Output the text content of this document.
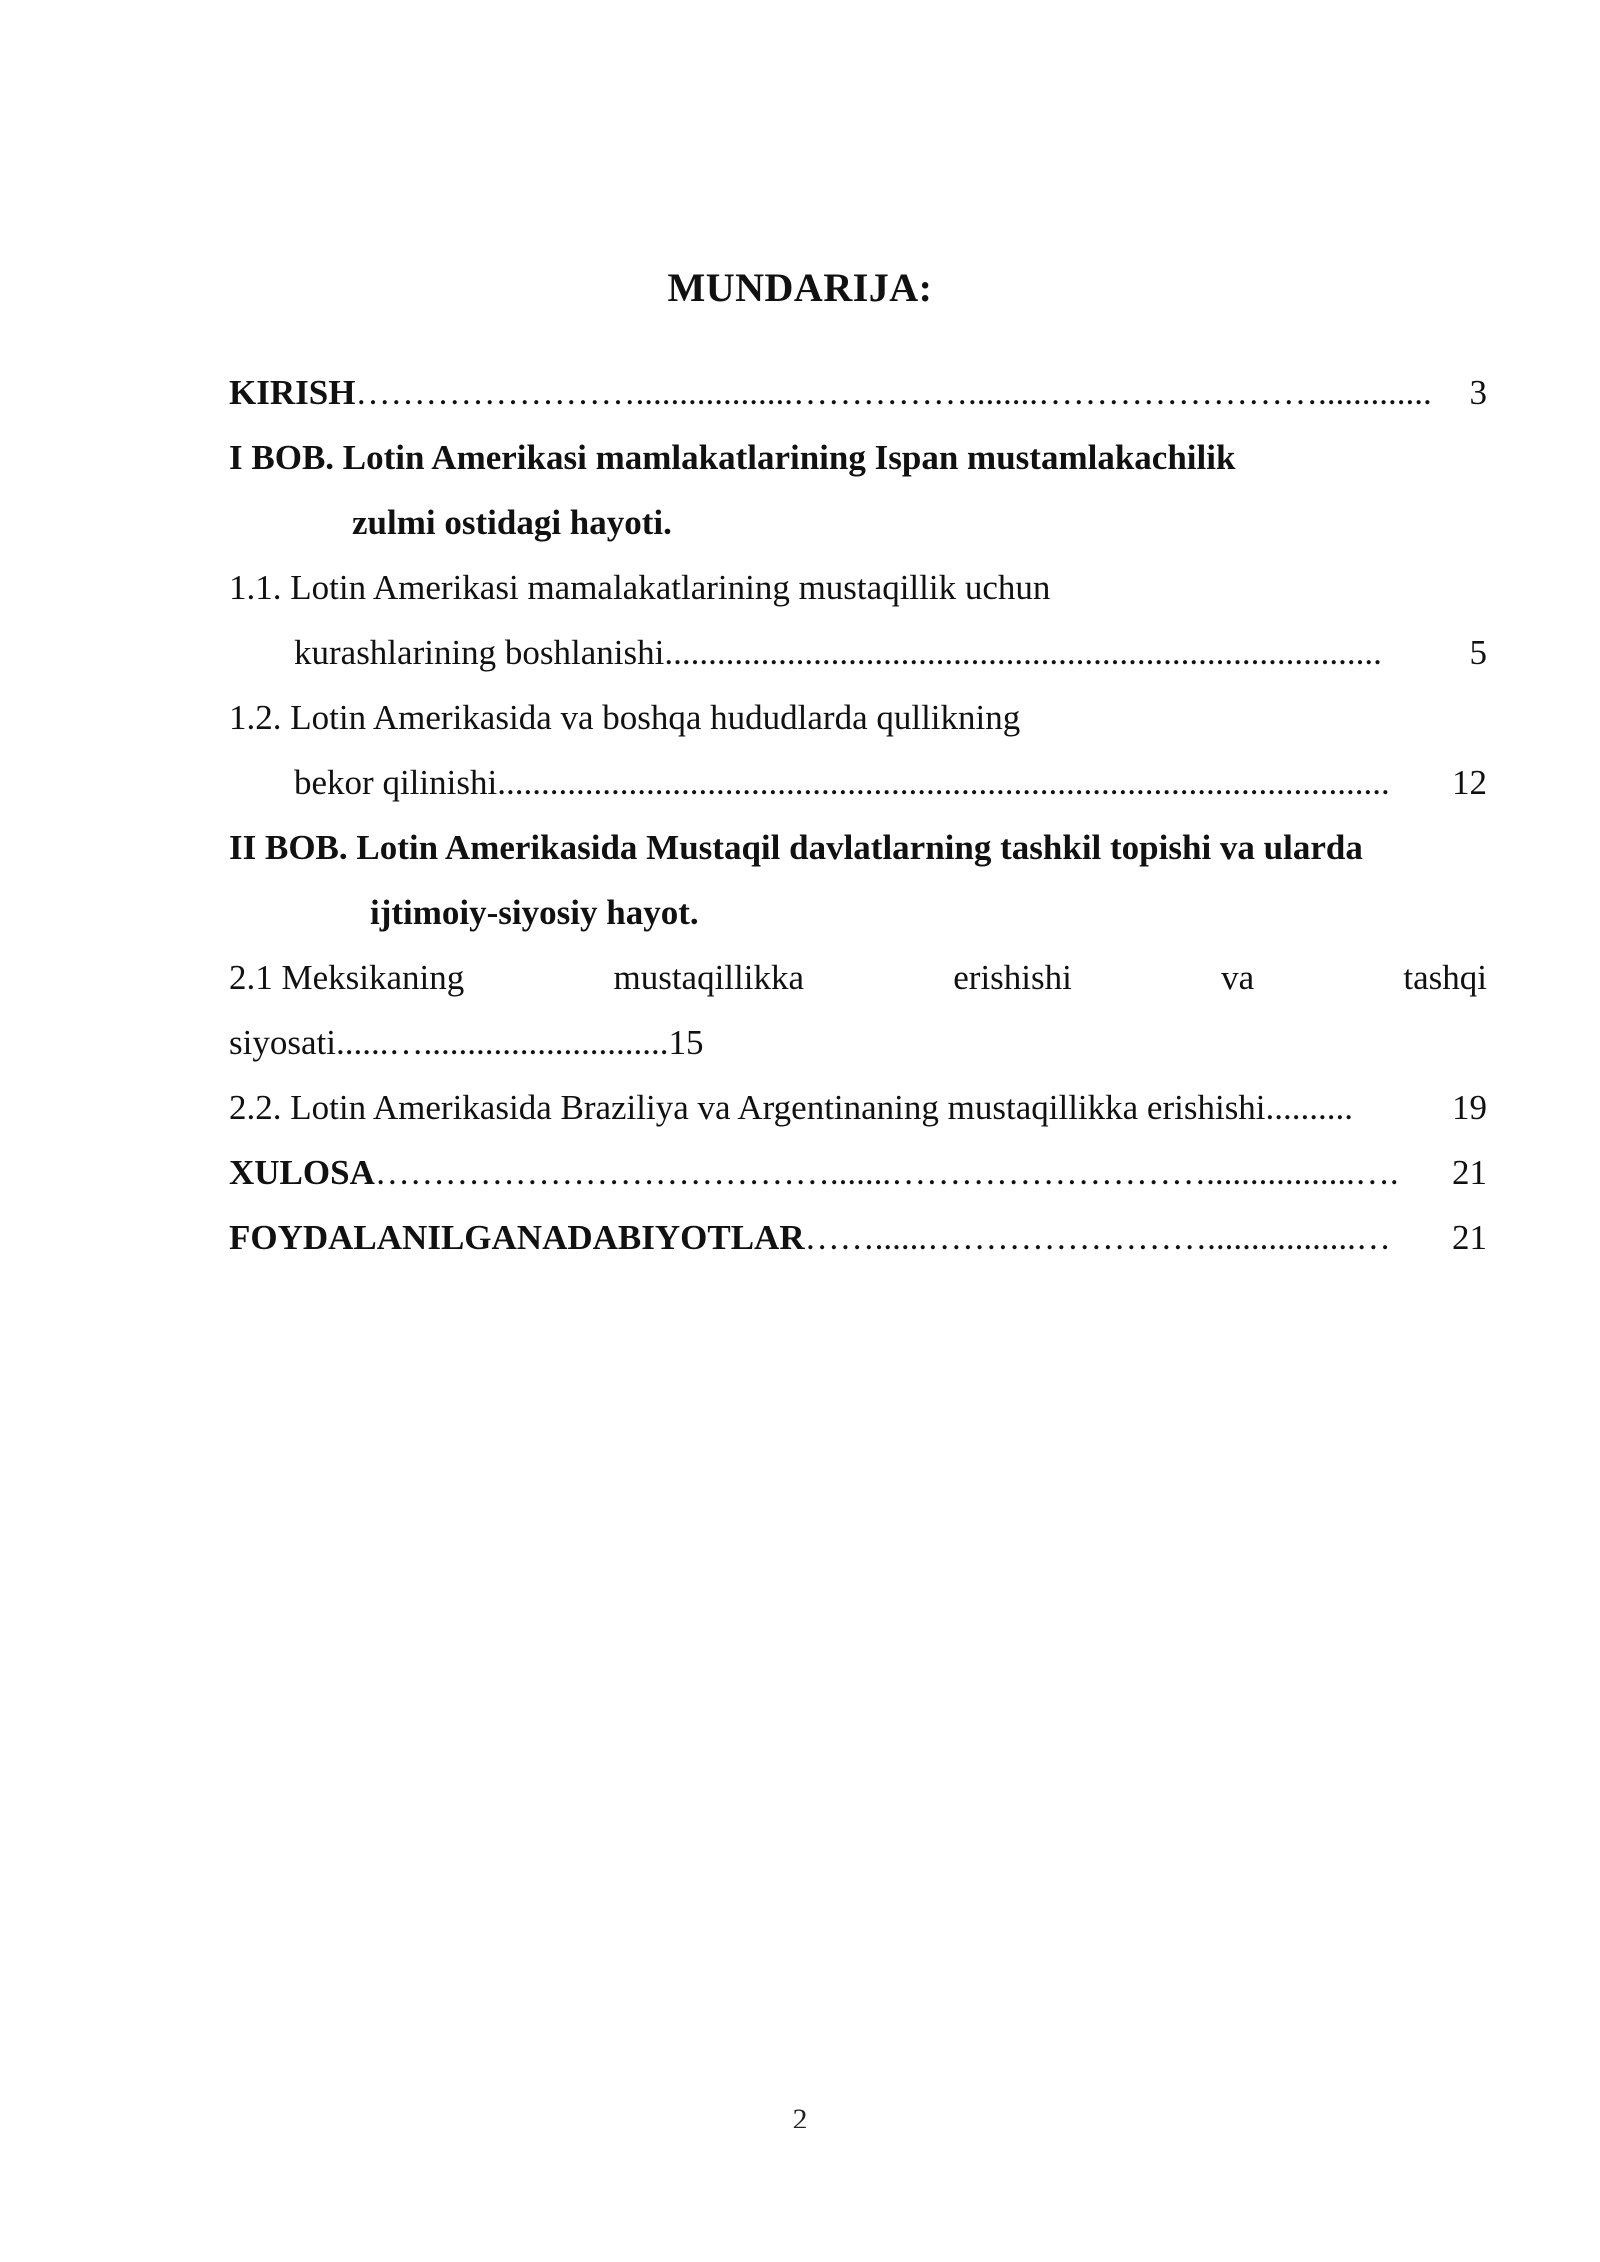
MUNDARIJA:
KIRISH ……………………..................……………........…………………….............	3
I BOB. Lotin Amerikasi mamlakatlarining Ispan mustamlakachilik
zulmi ostidagi hayoti.
1.1. Lotin Amerikasi mamalakatlarining mustaqillik uchun
kurashlarining boshlanishi ..................................................................................	5
1.2. Lotin Amerikasida va boshqa hududlarda qullikning
bekor qilinishi ......................................................................................................	12
II BOB. Lotin Amerikasida Mustaqil davlatlarning tashkil topishi va ularda
ijtimoiy-siyosiy hayot.
2.1 Meksikaning	mustaqillikka	erishishi	va	tashqi
siyosati......…............................15
2.2. Lotin Amerikasida Braziliya va Argentinaning mustaqillikka erishishi ..........	19
XULOSA ………………………………….......……………………….................….	21
FOYDALANILGANADABIYOTLAR ……......…………………….................…	21
2
